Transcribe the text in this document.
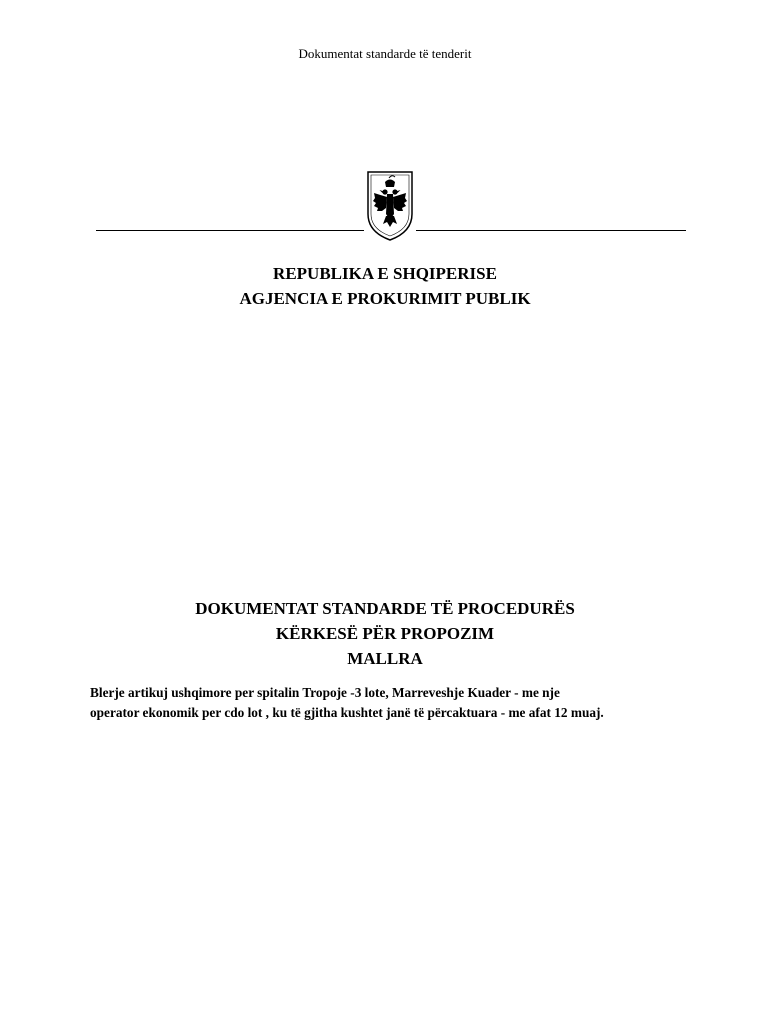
Dokumentat standarde të tenderit
REPUBLIKA E SHQIPERISE
AGJENCIA E PROKURIMIT PUBLIK
DOKUMENTAT STANDARDE TË PROCEDURËS
KËRKESË PËR PROPOZIM
MALLRA
Blerje artikuj ushqimore per spitalin Tropoje -3 lote, Marreveshje Kuader - me nje
operator ekonomik per cdo lot , ku të gjitha kushtet janë të përcaktuara - me afat 12 muaj.
